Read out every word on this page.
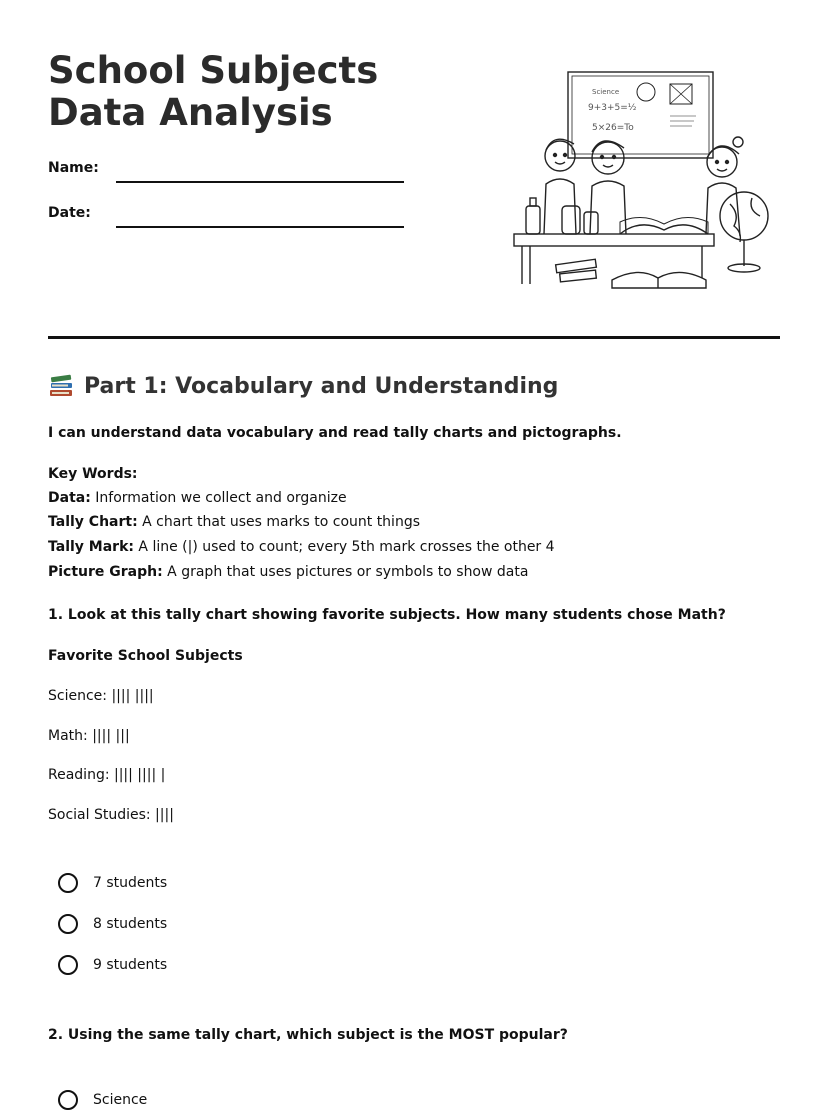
School Subjects Data Analysis
Name:
Date:
Science
9+3+5=½
5×26=To
Part 1: Vocabulary and Understanding
I can understand data vocabulary and read tally charts and pictographs.
Key Words:
Data: Information we collect and organize
Tally Chart: A chart that uses marks to count things
Tally Mark: A line (|) used to count; every 5th mark crosses the other 4
Picture Graph: A graph that uses pictures or symbols to show data
1. Look at this tally chart showing favorite subjects. How many students chose Math?
Favorite School Subjects
Science: |||| ||||
Math: |||| |||
Reading: |||| |||| |
Social Studies: ||||
7 students
8 students
9 students
2. Using the same tally chart, which subject is the MOST popular?
Science
